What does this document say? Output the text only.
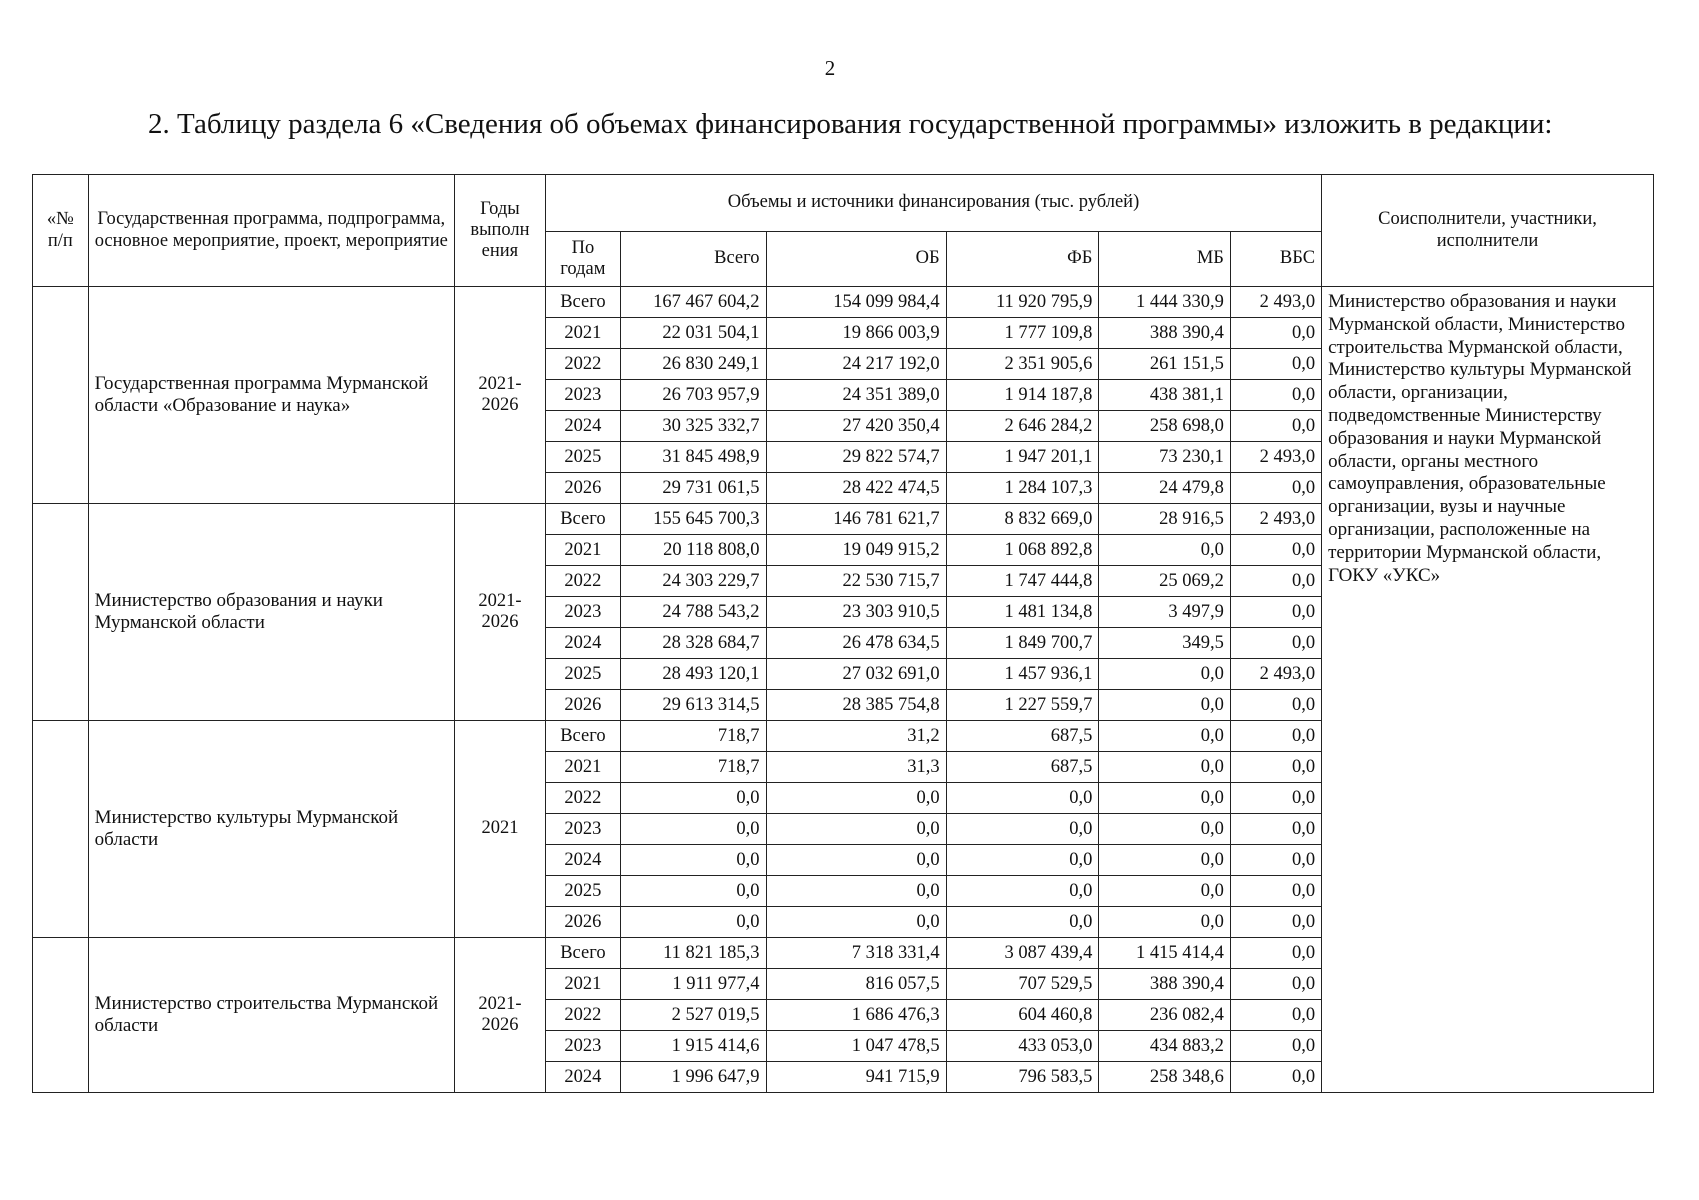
2
2. Таблицу раздела 6 «Сведения об объемах финансирования государственной программы» изложить в редакции:
«№ п/п	Государственная программа, подпрограмма, основное мероприятие, проект, мероприятие	Годы выполн ения	Объемы и источники финансирования (тыс. рублей)						Соисполнители, участники, исполнители
			По годам	Всего	ОБ	ФБ	МБ	ВБС	
	Государственная программа Мурманской области «Образование и наука»	2021-2026	Всего	167 467 604,2	154 099 984,4	11 920 795,9	1 444 330,9	2 493,0	Министерство образования и науки Мурманской области, Министерство строительства Мурманской области, Министерство культуры Мурманской области, организации, подведомственные Министерству образования и науки Мурманской области, органы местного самоуправления, образовательные организации, вузы и научные организации, расположенные на территории Мурманской области, ГОКУ «УКС»
			2021	22 031 504,1	19 866 003,9	1 777 109,8	388 390,4	0,0	
			2022	26 830 249,1	24 217 192,0	2 351 905,6	261 151,5	0,0	
			2023	26 703 957,9	24 351 389,0	1 914 187,8	438 381,1	0,0	
			2024	30 325 332,7	27 420 350,4	2 646 284,2	258 698,0	0,0	
			2025	31 845 498,9	29 822 574,7	1 947 201,1	73 230,1	2 493,0	
			2026	29 731 061,5	28 422 474,5	1 284 107,3	24 479,8	0,0	
	Министерство образования и науки Мурманской области	2021-2026	Всего	155 645 700,3	146 781 621,7	8 832 669,0	28 916,5	2 493,0	
			2021	20 118 808,0	19 049 915,2	1 068 892,8	0,0	0,0	
			2022	24 303 229,7	22 530 715,7	1 747 444,8	25 069,2	0,0	
			2023	24 788 543,2	23 303 910,5	1 481 134,8	3 497,9	0,0	
			2024	28 328 684,7	26 478 634,5	1 849 700,7	349,5	0,0	
			2025	28 493 120,1	27 032 691,0	1 457 936,1	0,0	2 493,0	
			2026	29 613 314,5	28 385 754,8	1 227 559,7	0,0	0,0	
	Министерство культуры Мурманской области	2021	Всего	718,7	31,2	687,5	0,0	0,0	
			2021	718,7	31,3	687,5	0,0	0,0	
			2022	0,0	0,0	0,0	0,0	0,0	
			2023	0,0	0,0	0,0	0,0	0,0	
			2024	0,0	0,0	0,0	0,0	0,0	
			2025	0,0	0,0	0,0	0,0	0,0	
			2026	0,0	0,0	0,0	0,0	0,0	
	Министерство строительства Мурманской области	2021-2026	Всего	11 821 185,3	7 318 331,4	3 087 439,4	1 415 414,4	0,0	
			2021	1 911 977,4	816 057,5	707 529,5	388 390,4	0,0	
			2022	2 527 019,5	1 686 476,3	604 460,8	236 082,4	0,0	
			2023	1 915 414,6	1 047 478,5	433 053,0	434 883,2	0,0	
			2024	1 996 647,9	941 715,9	796 583,5	258 348,6	0,0	
